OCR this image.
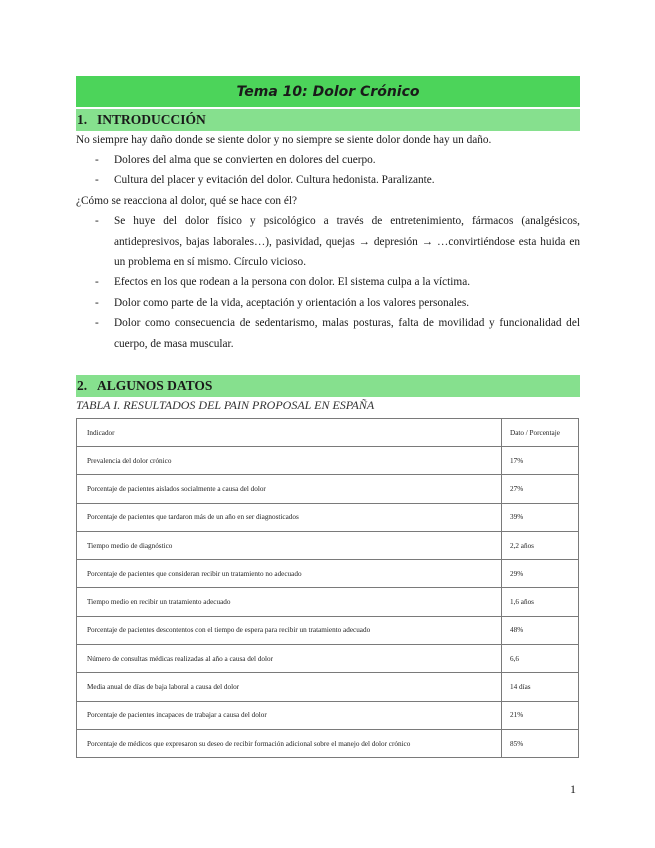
Tema 10: Dolor Crónico
1. INTRODUCCIÓN
No siempre hay daño donde se siente dolor y no siempre se siente dolor donde hay un daño.
- Dolores del alma que se convierten en dolores del cuerpo.
- Cultura del placer y evitación del dolor. Cultura hedonista. Paralizante.
¿Cómo se reacciona al dolor, qué se hace con él?
- Se huye del dolor físico y psicológico a través de entretenimiento, fármacos (analgésicos, antidepresivos, bajas laborales…), pasividad, quejas → depresión → …convirtiéndose esta huida en un problema en sí mismo. Círculo vicioso.
- Efectos en los que rodean a la persona con dolor. El sistema culpa a la víctima.
- Dolor como parte de la vida, aceptación y orientación a los valores personales.
- Dolor como consecuencia de sedentarismo, malas posturas, falta de movilidad y funcionalidad del cuerpo, de masa muscular.
2. ALGUNOS DATOS
TABLA I. RESULTADOS DEL PAIN PROPOSAL EN ESPAÑA
Indicador	Dato / Porcentaje
Prevalencia del dolor crónico	17%
Porcentaje de pacientes aislados socialmente a causa del dolor	27%
Porcentaje de pacientes que tardaron más de un año en ser diagnosticados	39%
Tiempo medio de diagnóstico	2,2 años
Porcentaje de pacientes que consideran recibir un tratamiento no adecuado	29%
Tiempo medio en recibir un tratamiento adecuado	1,6 años
Porcentaje de pacientes descontentos con el tiempo de espera para recibir un tratamiento adecuado	48%
Número de consultas médicas realizadas al año a causa del dolor	6,6
Media anual de días de baja laboral a causa del dolor	14 días
Porcentaje de pacientes incapaces de trabajar a causa del dolor	21%
Porcentaje de médicos que expresaron su deseo de recibir formación adicional sobre el manejo del dolor crónico	85%
1
